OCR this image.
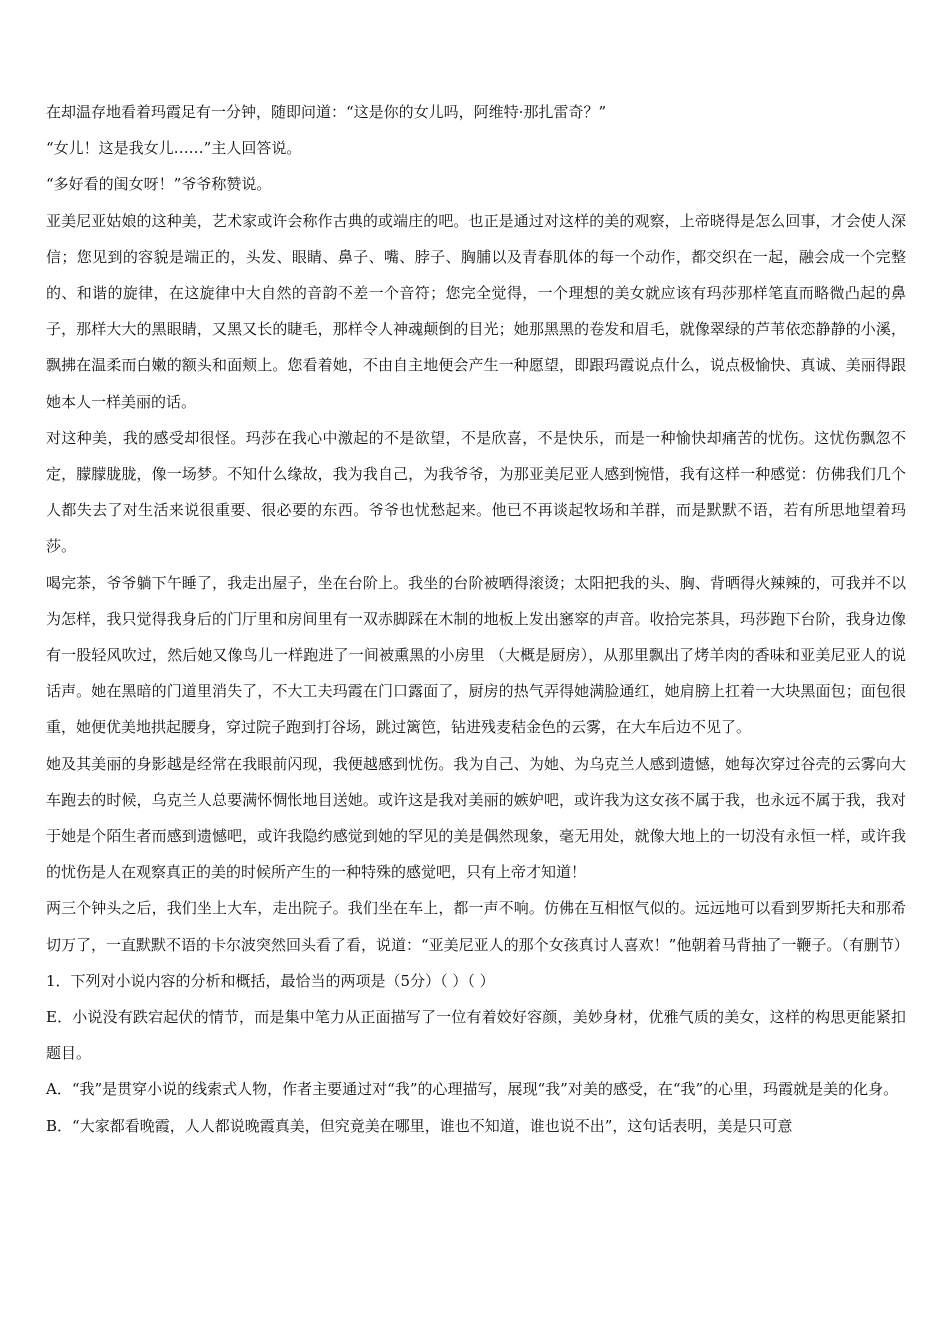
在却温存地看着玛霞足有一分钟，随即问道：“这是你的女儿吗，阿维特·那扎雷奇？”

“女儿！这是我女儿……”主人回答说。

“多好看的闺女呀！”爷爷称赞说。

亚美尼亚姑娘的这种美，艺术家或许会称作古典的或端庄的吧。也正是通过对这样的美的观察，上帝晓得是怎么回事，才会使人深信；您见到的容貌是端正的，头发、眼睛、鼻子、嘴、脖子、胸脯以及青春肌体的每一个动作，都交织在一起，融会成一个完整的、和谐的旋律，在这旋律中大自然的音韵不差一个音符；您完全觉得，一个理想的美女就应该有玛莎那样笔直而略微凸起的鼻子，那样大大的黑眼睛，又黑又长的睫毛，那样令人神魂颠倒的目光；她那黑黑的卷发和眉毛，就像翠绿的芦苇依恋静静的小溪，飘拂在温柔而白嫩的额头和面颊上。您看着她，不由自主地便会产生一种愿望，即跟玛霞说点什么，说点极愉快、真诚、美丽得跟她本人一样美丽的话。

对这种美，我的感受却很怪。玛莎在我心中激起的不是欲望，不是欣喜，不是快乐，而是一种愉快却痛苦的忧伤。这忧伤飘忽不定，朦朦胧胧，像一场梦。不知什么缘故，我为我自己，为我爷爷，为那亚美尼亚人感到惋惜，我有这样一种感觉：仿佛我们几个人都失去了对生活来说很重要、很必要的东西。爷爷也忧愁起来。他已不再谈起牧场和羊群，而是默默不语，若有所思地望着玛莎。

喝完茶，爷爷躺下午睡了，我走出屋子，坐在台阶上。我坐的台阶被晒得滚烫；太阳把我的头、胸、背晒得火辣辣的，可我并不以为怎样，我只觉得我身后的门厅里和房间里有一双赤脚踩在木制的地板上发出窸窣的声音。收拾完茶具，玛莎跑下台阶，我身边像有一股轻风吹过，然后她又像鸟儿一样跑进了一间被熏黑的小房里 （大概是厨房），从那里飘出了烤羊肉的香味和亚美尼亚人的说话声。她在黑暗的门道里消失了，不大工夫玛霞在门口露面了，厨房的热气弄得她满脸通红，她肩膀上扛着一大块黑面包；面包很重，她便优美地拱起腰身，穿过院子跑到打谷场，跳过篱笆，钻进残麦秸金色的云雾，在大车后边不见了。

她及其美丽的身影越是经常在我眼前闪现，我便越感到忧伤。我为自己、为她、为乌克兰人感到遗憾，她每次穿过谷壳的云雾向大车跑去的时候，乌克兰人总要满怀惆怅地目送她。或许这是我对美丽的嫉妒吧，或许我为这女孩不属于我，也永远不属于我，我对于她是个陌生者而感到遗憾吧，或许我隐约感觉到她的罕见的美是偶然现象，毫无用处，就像大地上的一切没有永恒一样，或许我的忧伤是人在观察真正的美的时候所产生的一种特殊的感觉吧，只有上帝才知道！

两三个钟头之后，我们坐上大车，走出院子。我们坐在车上，都一声不响。仿佛在互相怄气似的。远远地可以看到罗斯托夫和那希切万了，一直默默不语的卡尔波突然回头看了看，说道：“亚美尼亚人的那个女孩真讨人喜欢！”他朝着马背抽了一鞭子。（有删节）

1．下列对小说内容的分析和概括，最恰当的两项是（5分）（ ）（ ）

E．小说没有跌宕起伏的情节，而是集中笔力从正面描写了一位有着姣好容颜，美妙身材，优雅气质的美女，这样的构思更能紧扣题目。

A．“我”是贯穿小说的线索式人物，作者主要通过对“我”的心理描写，展现“我”对美的感受，在“我”的心里，玛霞就是美的化身。

B．“大家都看晚霞，人人都说晚霞真美，但究竟美在哪里，谁也不知道，谁也说不出”，这句话表明，美是只可意
